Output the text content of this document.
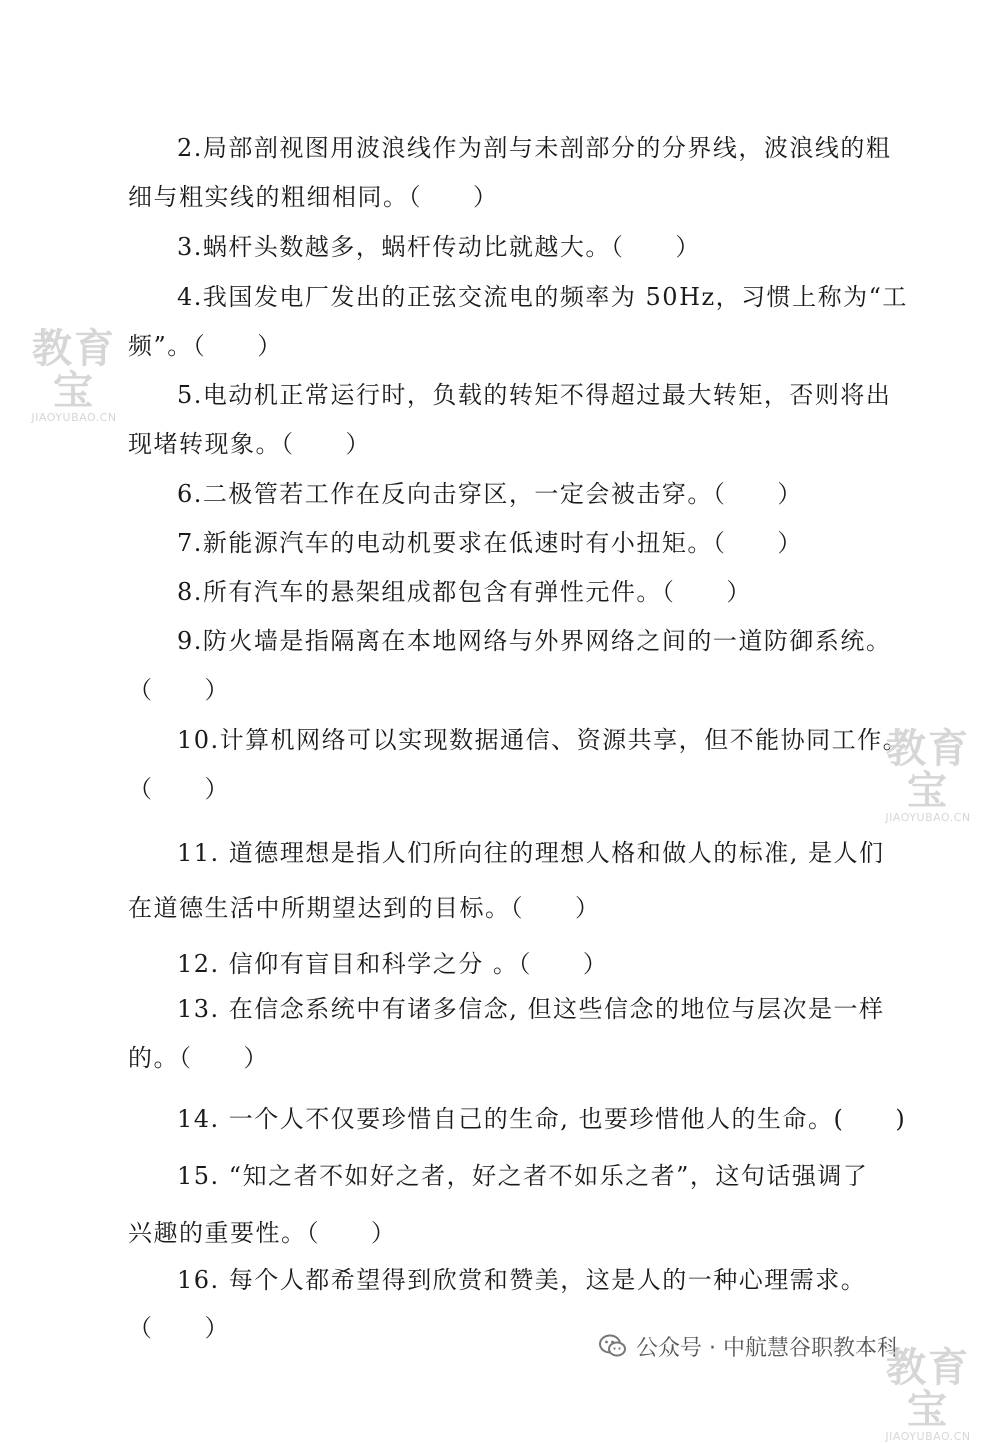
2.局部剖视图用波浪线作为剖与未剖部分的分界线，波浪线的粗
细与粗实线的粗细相同。（　　）
3.蜗杆头数越多，蜗杆传动比就越大。（　　）
4.我国发电厂发出的正弦交流电的频率为 50Hz，习惯上称为“工
频”。（　　）
5.电动机正常运行时，负载的转矩不得超过最大转矩，否则将出
现堵转现象。（　　）
6.二极管若工作在反向击穿区，一定会被击穿。（　　）
7.新能源汽车的电动机要求在低速时有小扭矩。（　　）
8.所有汽车的悬架组成都包含有弹性元件。（　　）
9.防火墙是指隔离在本地网络与外界网络之间的一道防御系统。
（　　）
10.计算机网络可以实现数据通信、资源共享，但不能协同工作。
（　　）
11. 道德理想是指人们所向往的理想人格和做人的标准, 是人们
在道德生活中所期望达到的目标。（　　）
12. 信仰有盲目和科学之分 。（　　）
13. 在信念系统中有诸多信念, 但这些信念的地位与层次是一样
的。（　　）
14. 一个人不仅要珍惜自己的生命, 也要珍惜他人的生命。(　　)
15. “知之者不如好之者，好之者不如乐之者”，这句话强调了
兴趣的重要性。（　　）
16. 每个人都希望得到欣赏和赞美，这是人的一种心理需求。
（　　）
教育宝
JIAOYUBAO.CN
教育宝
JIAOYUBAO.CN
公众号 · 中航慧谷职教本科
教育宝
JIAOYUBAO.CN
